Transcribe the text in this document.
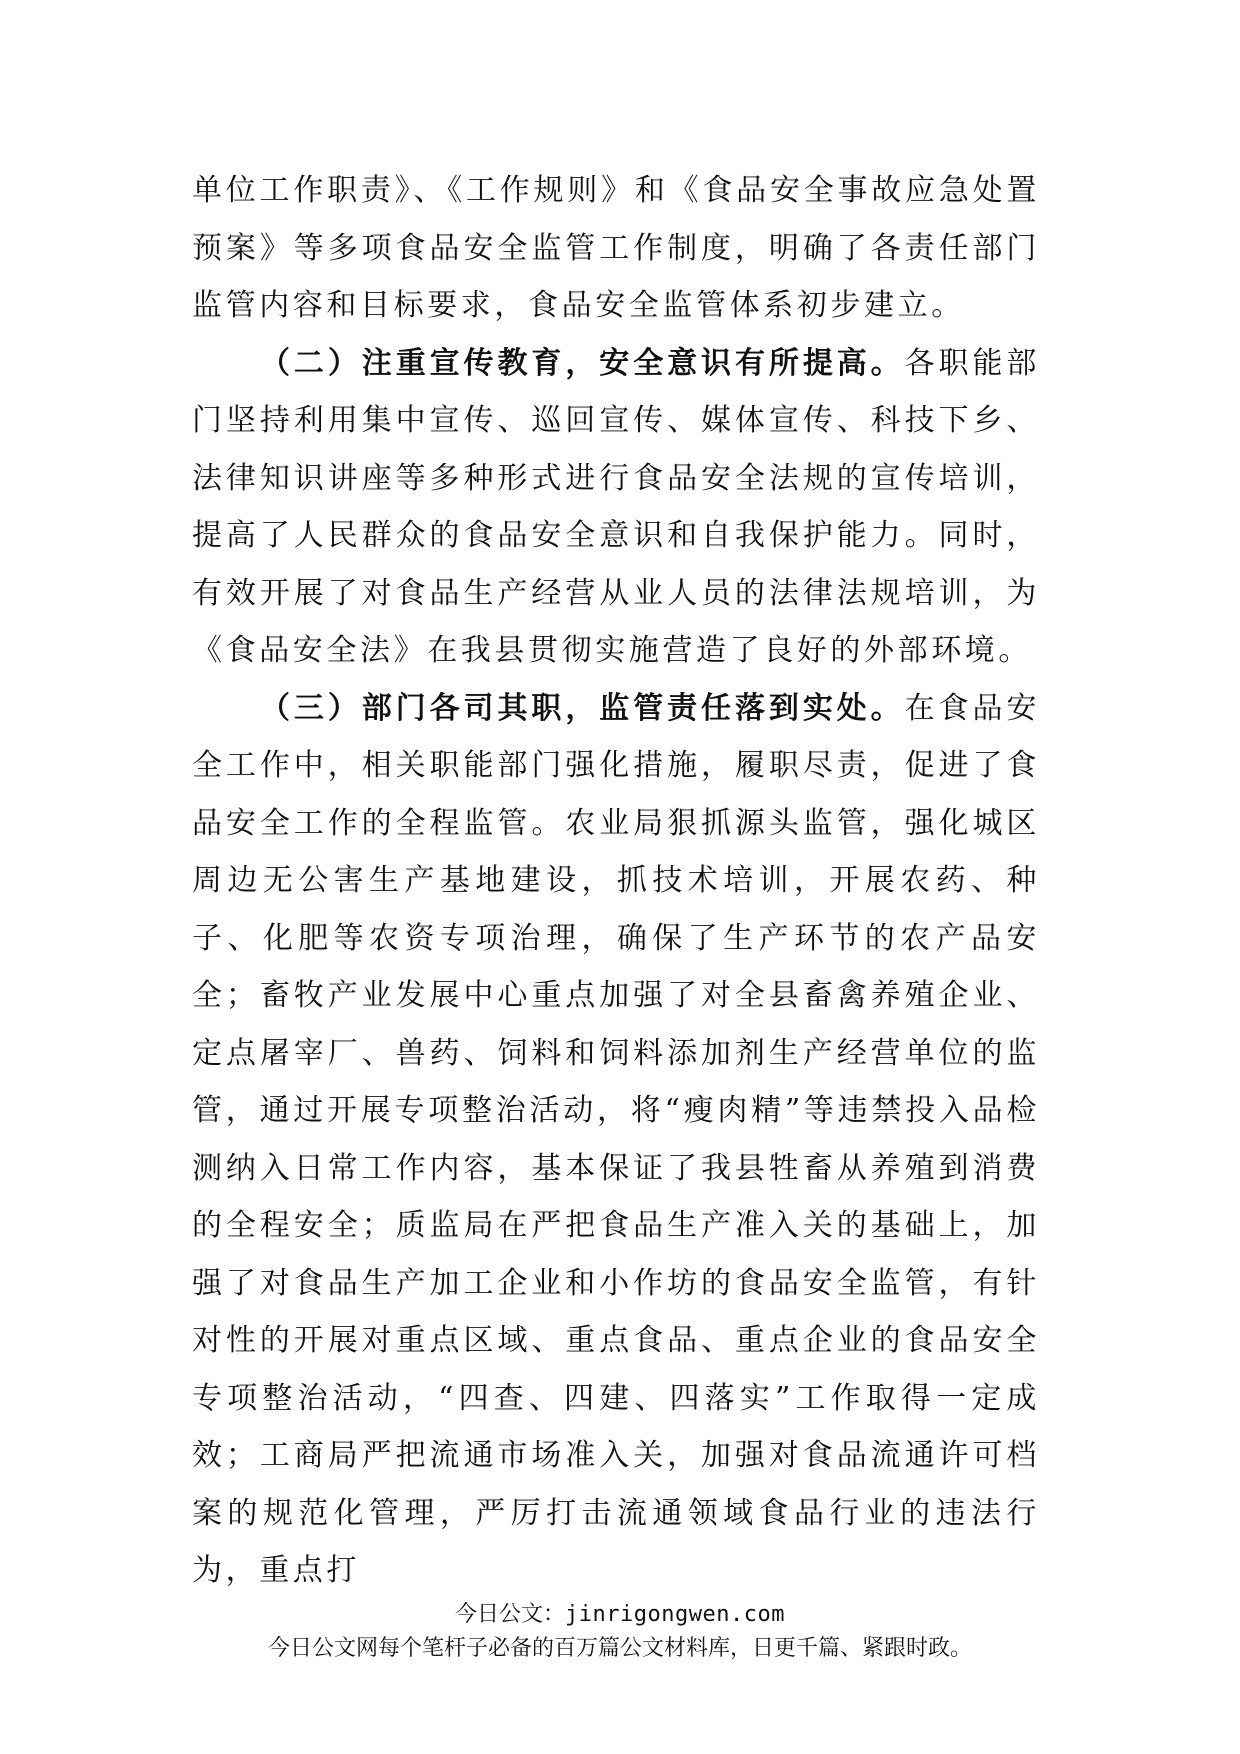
单位工作职责》、《工作规则》和《食品安全事故应急处置预案》等多项食品安全监管工作制度，明确了各责任部门监管内容和目标要求，食品安全监管体系初步建立。

（二）注重宣传教育，安全意识有所提高。各职能部门坚持利用集中宣传、巡回宣传、媒体宣传、科技下乡、法律知识讲座等多种形式进行食品安全法规的宣传培训，提高了人民群众的食品安全意识和自我保护能力。同时，有效开展了对食品生产经营从业人员的法律法规培训，为《食品安全法》在我县贯彻实施营造了良好的外部环境。

（三）部门各司其职，监管责任落到实处。在食品安全工作中，相关职能部门强化措施，履职尽责，促进了食品安全工作的全程监管。农业局狠抓源头监管，强化城区周边无公害生产基地建设，抓技术培训，开展农药、种子、化肥等农资专项治理，确保了生产环节的农产品安全；畜牧产业发展中心重点加强了对全县畜禽养殖企业、定点屠宰厂、兽药、饲料和饲料添加剂生产经营单位的监管，通过开展专项整治活动，将“瘦肉精”等违禁投入品检测纳入日常工作内容，基本保证了我县牲畜从养殖到消费的全程安全；质监局在严把食品生产准入关的基础上，加强了对食品生产加工企业和小作坊的食品安全监管，有针对性的开展对重点区域、重点食品、重点企业的食品安全专项整治活动，“四查、四建、四落实”工作取得一定成效；工商局严把流通市场准入关，加强对食品流通许可档案的规范化管理，严厉打击流通领域食品行业的违法行为，重点打

今日公文：jinrigongwen.com
今日公文网每个笔杆子必备的百万篇公文材料库，日更千篇、紧跟时政。
